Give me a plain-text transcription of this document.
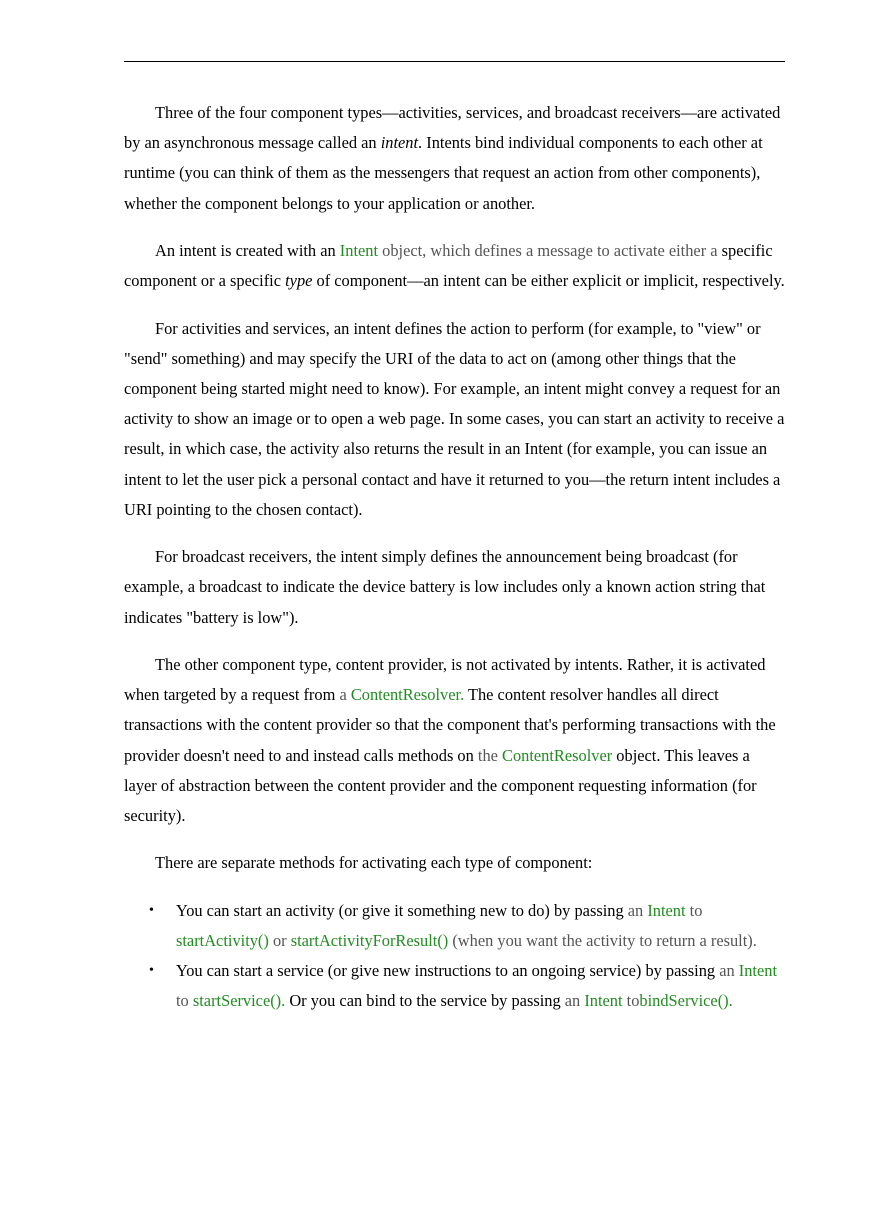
Three of the four component types—activities, services, and broadcast receivers—are activated by an asynchronous message called an intent. Intents bind individual components to each other at runtime (you can think of them as the messengers that request an action from other components), whether the component belongs to your application or another.

An intent is created with an Intent object, which defines a message to activate either a specific component or a specific type of component—an intent can be either explicit or implicit, respectively.

For activities and services, an intent defines the action to perform (for example, to "view" or "send" something) and may specify the URI of the data to act on (among other things that the component being started might need to know). For example, an intent might convey a request for an activity to show an image or to open a web page. In some cases, you can start an activity to receive a result, in which case, the activity also returns the result in an Intent (for example, you can issue an intent to let the user pick a personal contact and have it returned to you—the return intent includes a URI pointing to the chosen contact).

For broadcast receivers, the intent simply defines the announcement being broadcast (for example, a broadcast to indicate the device battery is low includes only a known action string that indicates "battery is low").

The other component type, content provider, is not activated by intents. Rather, it is activated when targeted by a request from a ContentResolver. The content resolver handles all direct transactions with the content provider so that the component that's performing transactions with the provider doesn't need to and instead calls methods on the ContentResolver object. This leaves a layer of abstraction between the content provider and the component requesting information (for security).

There are separate methods for activating each type of component:

• You can start an activity (or give it something new to do) by passing an Intent to startActivity() or startActivityForResult() (when you want the activity to return a result).
• You can start a service (or give new instructions to an ongoing service) by passing an Intent to startService(). Or you can bind to the service by passing an Intent tobindService().
